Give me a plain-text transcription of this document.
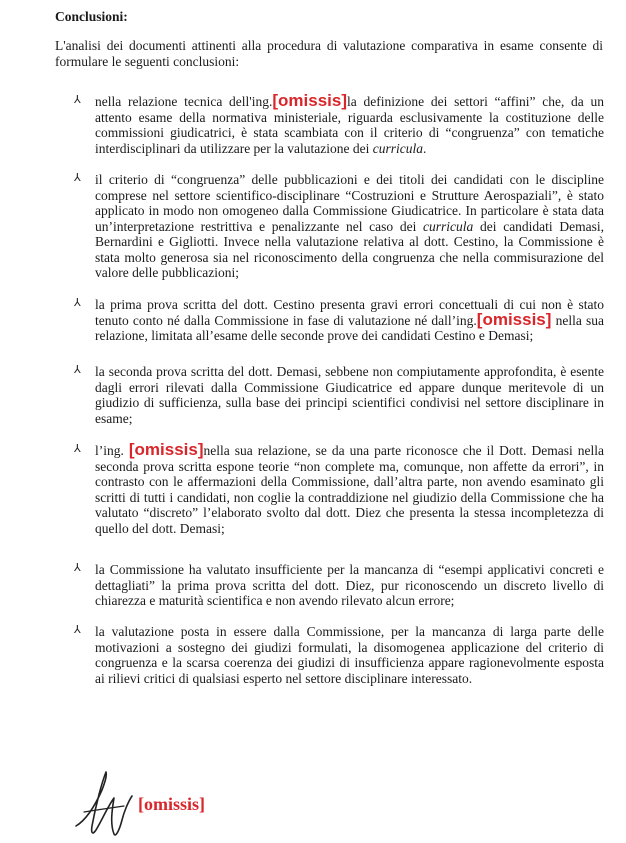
Conclusioni:
L'analisi dei documenti attinenti alla procedura di valutazione comparativa in esame consente di formulare le seguenti conclusioni:
⅄	nella relazione tecnica dell'ing.[omissis]la definizione dei settori “affini” che, da un attento esame della normativa ministeriale, riguarda esclusivamente la costituzione delle commissioni giudicatrici, è stata scambiata con il criterio di “congruenza” con tematiche interdisciplinari da utilizzare per la valutazione dei curricula.
⅄	il criterio di “congruenza” delle pubblicazioni e dei titoli dei candidati con le discipline comprese nel settore scientifico-disciplinare “Costruzioni e Strutture Aerospaziali”, è stato applicato in modo non omogeneo dalla Commissione Giudicatrice. In particolare è stata data un’interpretazione restrittiva e penalizzante nel caso dei curricula dei candidati Demasi, Bernardini e Gigliotti. Invece nella valutazione relativa al dott. Cestino, la Commissione è stata molto generosa sia nel riconoscimento della congruenza che nella commisurazione del valore delle pubblicazioni;
⅄	la prima prova scritta del dott. Cestino presenta gravi errori concettuali di cui non è stato tenuto conto né dalla Commissione in fase di valutazione né dall’ing.[omissis] nella sua relazione, limitata all’esame delle seconde prove dei candidati Cestino e Demasi;
⅄	la seconda prova scritta del dott. Demasi, sebbene non compiutamente approfondita, è esente dagli errori rilevati dalla Commissione Giudicatrice ed appare dunque meritevole di un giudizio di sufficienza, sulla base dei principi scientifici condivisi nel settore disciplinare in esame;
⅄	l’ing. [omissis]nella sua relazione, se da una parte riconosce che il Dott. Demasi nella seconda prova scritta espone teorie “non complete ma, comunque, non affette da errori”, in contrasto con le affermazioni della Commissione, dall’altra parte, non avendo esaminato gli scritti di tutti i candidati, non coglie la contraddizione nel giudizio della Commissione che ha valutato “discreto” l’elaborato svolto dal dott. Diez che presenta la stessa incompletezza di quello del dott. Demasi;
⅄	la Commissione ha valutato insufficiente per la mancanza di “esempi applicativi concreti e dettagliati” la prima prova scritta del dott. Diez, pur riconoscendo un discreto livello di chiarezza e maturità scientifica e non avendo rilevato alcun errore;
⅄	la valutazione posta in essere dalla Commissione, per la mancanza di larga parte delle motivazioni a sostegno dei giudizi formulati, la disomogenea applicazione del criterio di congruenza e la scarsa coerenza dei giudizi di insufficienza appare ragionevolmente esposta ai rilievi critici di qualsiasi esperto nel settore disciplinare interessato.
[omissis]
